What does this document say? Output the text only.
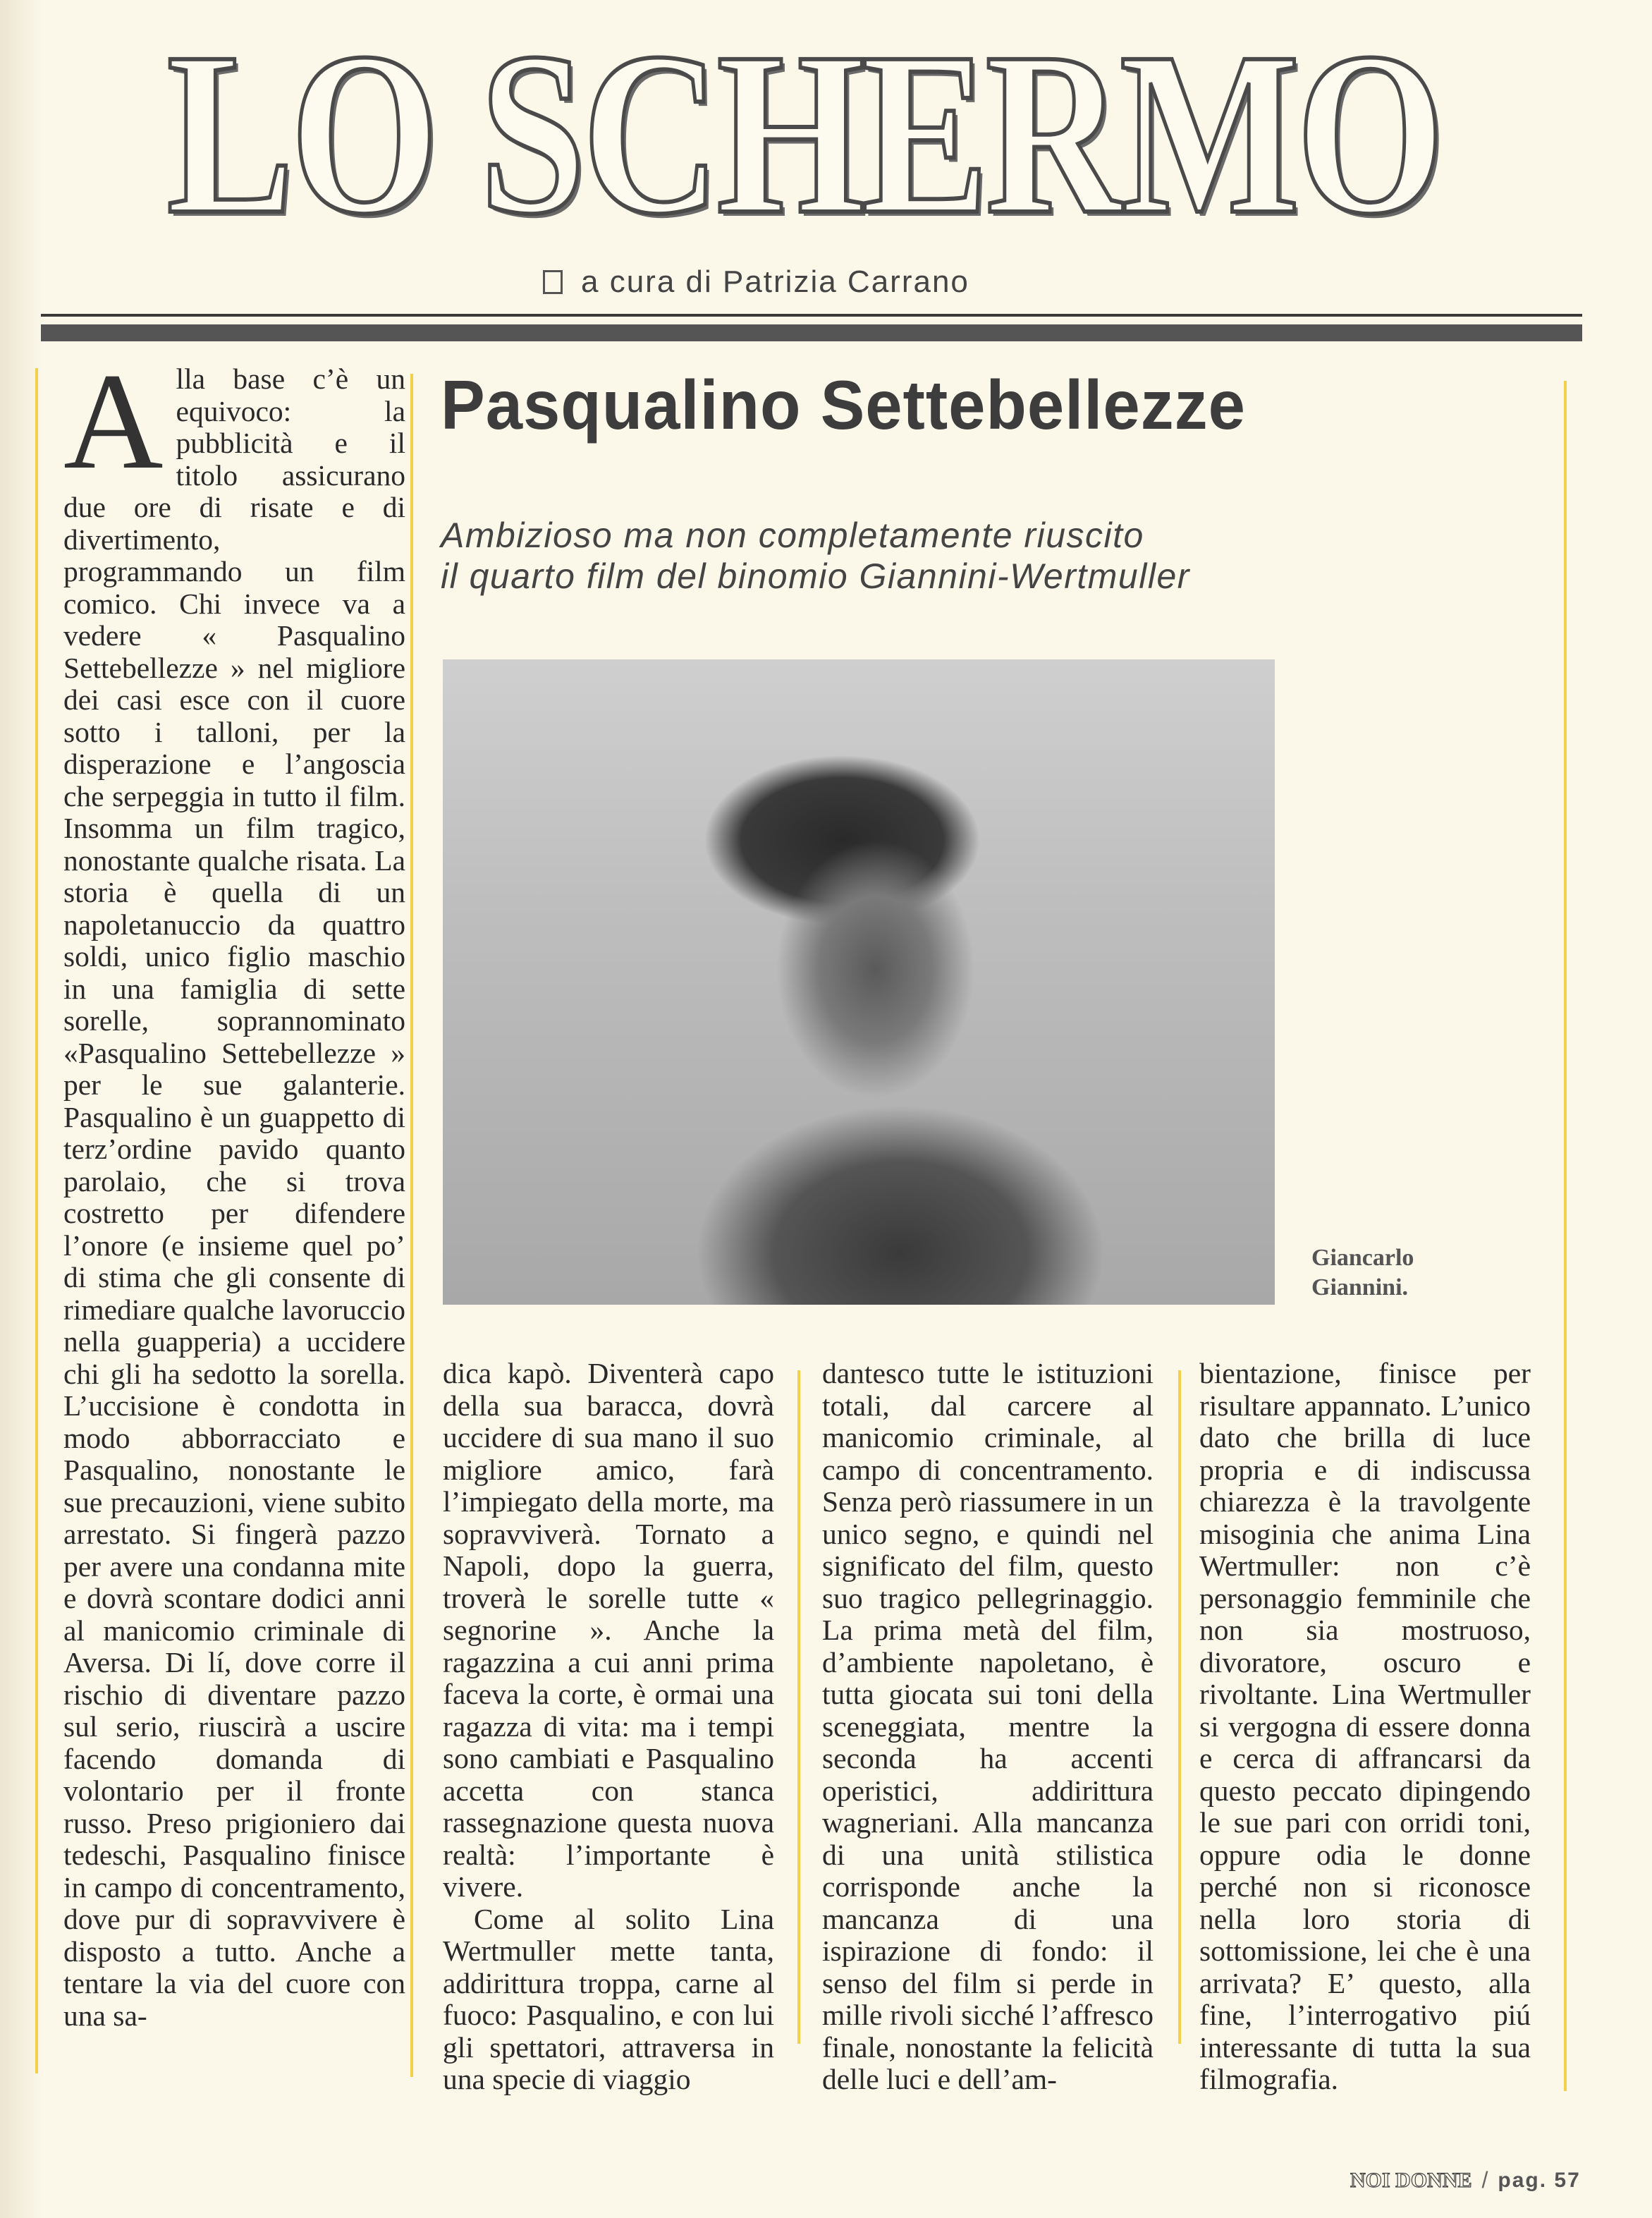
LO SCHERMO
a cura di Patrizia Carrano
A lla base c’è un equivoco: la pubblicità e il titolo assicurano due ore di risate e di divertimento, programmando un film comico. Chi invece va a vedere « Pasqualino Settebellezze » nel migliore dei casi esce con il cuore sotto i talloni, per la disperazione e l’angoscia che serpeggia in tutto il film. Insomma un film tragico, nonostante qualche risata. La storia è quella di un napoletanuccio da quattro soldi, unico figlio maschio in una famiglia di sette sorelle, soprannominato «Pasqualino Settebellezze » per le sue galanterie. Pasqualino è un guappetto di terz’ordine pavido quanto parolaio, che si trova costretto per difendere l’onore (e insieme quel po’ di stima che gli consente di rimediare qualche lavoruccio nella guapperia) a uccidere chi gli ha sedotto la sorella. L’uccisione è condotta in modo abborracciato e Pasqualino, nonostante le sue precauzioni, viene subito arrestato. Si fingerà pazzo per avere una condanna mite e dovrà scontare dodici anni al manicomio criminale di Aversa. Di lí, dove corre il rischio di diventare pazzo sul serio, riuscirà a uscire facendo domanda di volontario per il fronte russo. Preso prigioniero dai tedeschi, Pasqualino finisce in campo di concentramento, dove pur di sopravvivere è disposto a tutto. Anche a tentare la via del cuore con una sa-

Pasqualino Settebellezze
Ambizioso ma non completamente riuscito
il quarto film del binomio Giannini-Wertmuller
Giancarlo
Giannini.

dica kapò. Diventerà capo della sua baracca, dovrà uccidere di sua mano il suo migliore amico, farà l’impiegato della morte, ma sopravviverà. Tornato a Napoli, dopo la guerra, troverà le sorelle tutte « segnorine ». Anche la ragazzina a cui anni prima faceva la corte, è ormai una ragazza di vita: ma i tempi sono cambiati e Pasqualino accetta con stanca rassegnazione questa nuova realtà: l’importante è vivere.

Come al solito Lina Wertmuller mette tanta, addirittura troppa, carne al fuoco: Pasqualino, e con lui gli spettatori, attraversa in una specie di viaggio

dantesco tutte le istituzioni totali, dal carcere al manicomio criminale, al campo di concentramento. Senza però riassumere in un unico segno, e quindi nel significato del film, questo suo tragico pellegrinaggio. La prima metà del film, d’ambiente napoletano, è tutta giocata sui toni della sceneggiata, mentre la seconda ha accenti operistici, addirittura wagneriani. Alla mancanza di una unità stilistica corrisponde anche la mancanza di una ispirazione di fondo: il senso del film si perde in mille rivoli sicché l’affresco finale, nonostante la felicità delle luci e dell’am-

bientazione, finisce per risultare appannato. L’unico dato che brilla di luce propria e di indiscussa chiarezza è la travolgente misoginia che anima Lina Wertmuller: non c’è personaggio femminile che non sia mostruoso, divoratore, oscuro e rivoltante. Lina Wertmuller si vergogna di essere donna e cerca di affrancarsi da questo peccato dipingendo le sue pari con orridi toni, oppure odia le donne perché non si riconosce nella loro storia di sottomissione, lei che è una arrivata? E’ questo, alla fine, l’interrogativo piú interessante di tutta la sua filmografia.

NOI DONNE / pag. 57
